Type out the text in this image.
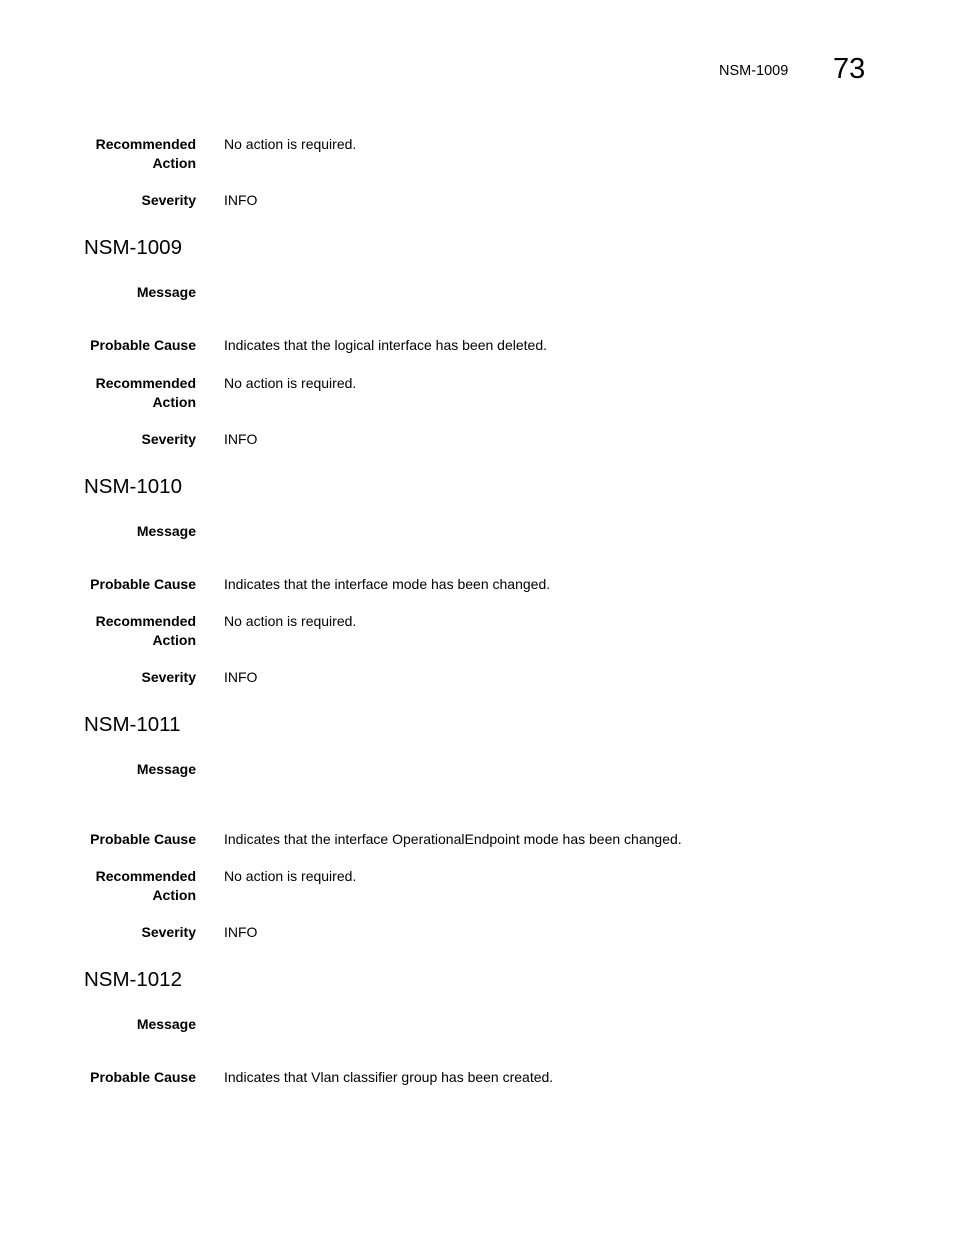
NSM-1009 73
Recommended Action
No action is required.
Severity INFO
NSM-1009
Message
Probable Cause Indicates that the logical interface has been deleted.
Recommended Action
No action is required.
Severity INFO
NSM-1010
Message
Probable Cause Indicates that the interface mode has been changed.
Recommended Action
No action is required.
Severity INFO
NSM-1011
Message
Probable Cause Indicates that the interface OperationalEndpoint mode has been changed.
Recommended Action
No action is required.
Severity INFO
NSM-1012
Message
Probable Cause Indicates that Vlan classifier group has been created.
